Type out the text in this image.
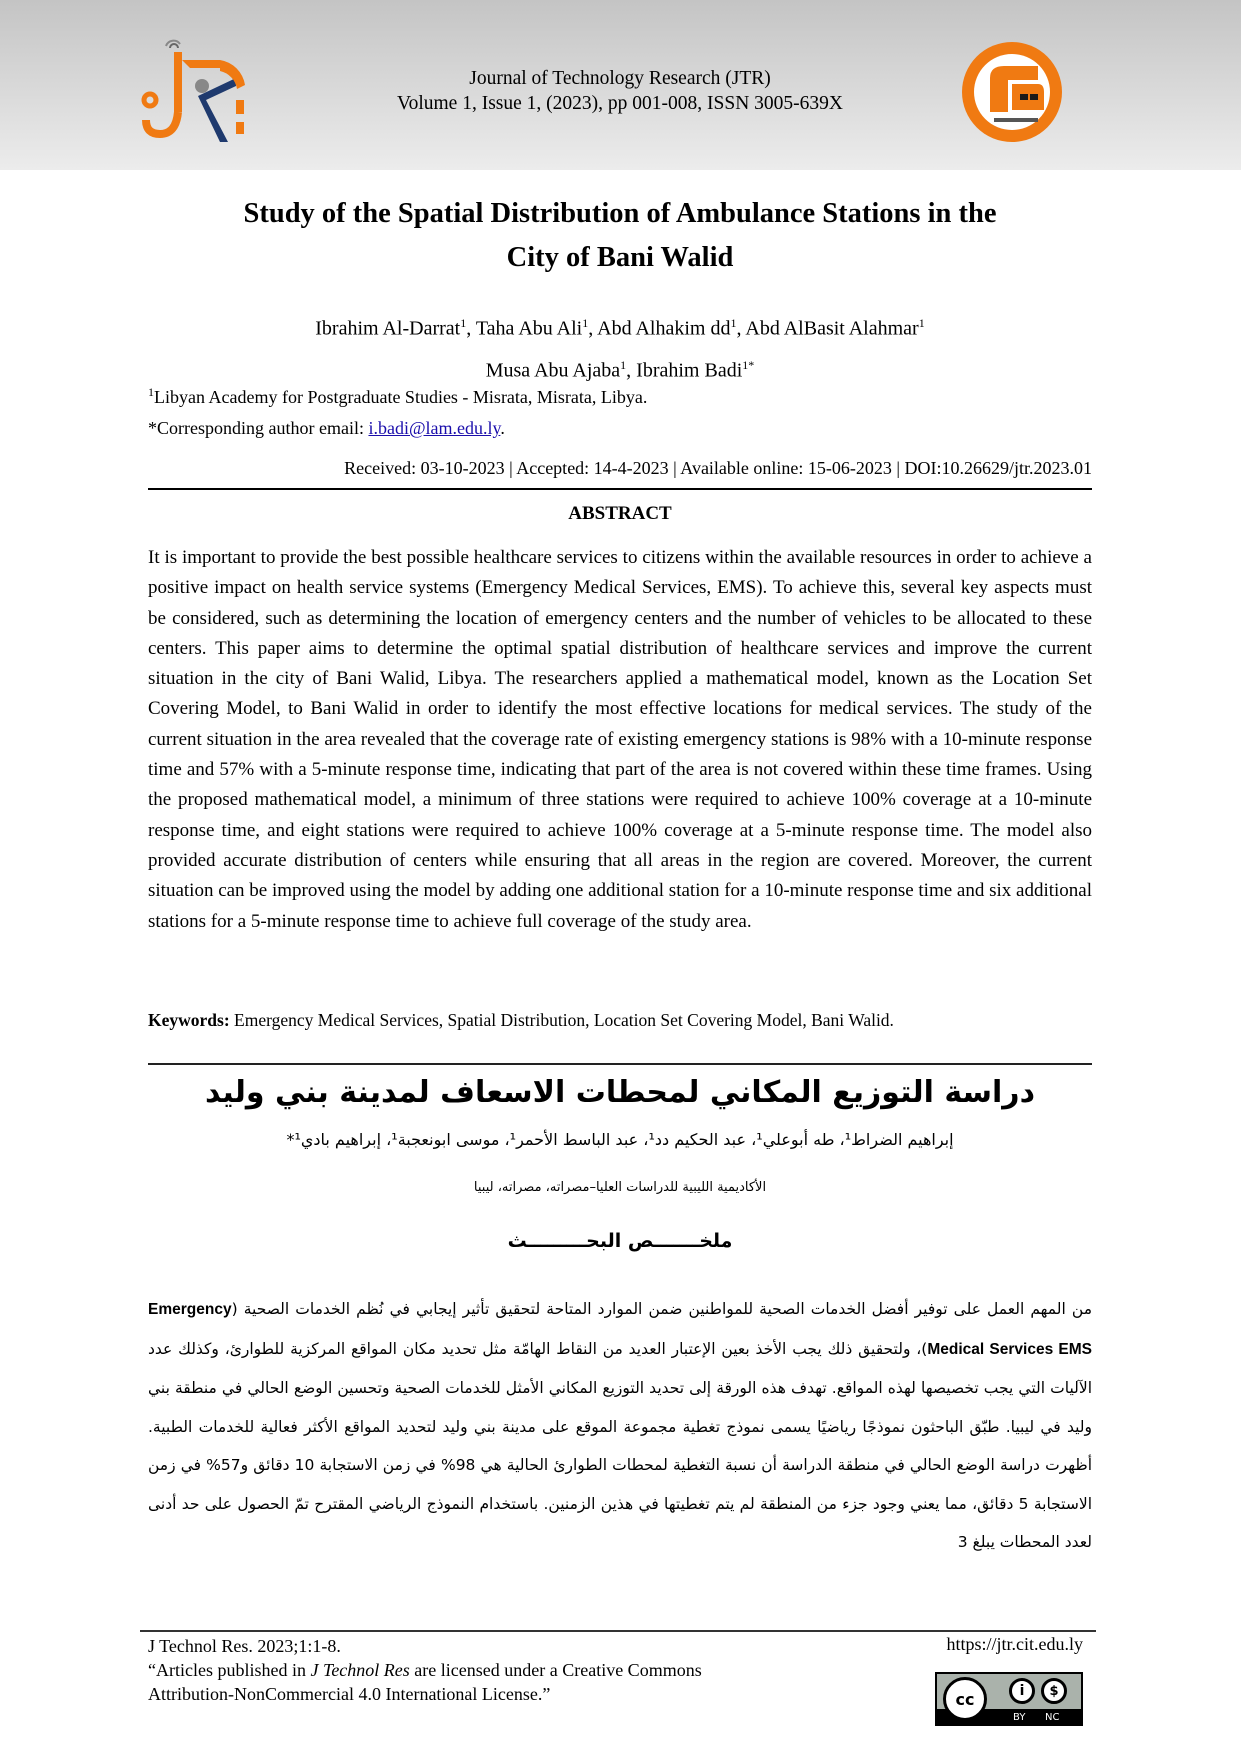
Journal of Technology Research (JTR)
Volume 1, Issue 1, (2023), pp 001-008, ISSN 3005-639X
Study of the Spatial Distribution of Ambulance Stations in the
City of Bani Walid
Ibrahim Al-Darrat$^1$, Taha Abu Ali$^1$, Abd Alhakim $dd^1$, Abd AlBasit Alahmar$^1$
Musa Abu Ajaba$^1$, Ibrahim Badi$^{1*}$
$^1$Libyan Academy for Postgraduate Studies - Misrata, Misrata, Libya.
*Corresponding author email: i.badi@lam.edu.ly.
Received: 03-10-2023 | Accepted: 14-4-2023 | Available online: 15-06-2023 | DOI:10.26629/jtr.2023.01
ABSTRACT
It is important to provide the best possible healthcare services to citizens within the available resources in order to achieve a positive impact on health service systems (Emergency Medical Services, EMS). To achieve this, several key aspects must be considered, such as determining the location of emergency centers and the number of vehicles to be allocated to these centers. This paper aims to determine the optimal spatial distribution of healthcare services and improve the current situation in the city of Bani Walid, Libya. The researchers applied a mathematical model, known as the Location Set Covering Model, to Bani Walid in order to identify the most effective locations for medical services. The study of the current situation in the area revealed that the coverage rate of existing emergency stations is 98% with a 10-minute response time and 57% with a 5-minute response time, indicating that part of the area is not covered within these time frames. Using the proposed mathematical model, a minimum of three stations were required to achieve 100% coverage at a 10-minute response time, and eight stations were required to achieve 100% coverage at a 5-minute response time. The model also provided accurate distribution of centers while ensuring that all areas in the region are covered. Moreover, the current situation can be improved using the model by adding one additional station for a 10-minute response time and six additional stations for a 5-minute response time to achieve full coverage of the study area.
Keywords: Emergency Medical Services, Spatial Distribution, Location Set Covering Model, Bani Walid.
دراسة التوزيع المكاني لمحطات الاسعاف لمدينة بني وليد
إبراهيم الضراط¹، طه أبوعلي¹، عبد الحكيم دد¹، عبد الباسط الأحمر¹، موسى ابونعجبة¹، إبراهيم بادي¹*
الأكاديمية الليبية للدراسات العليا–مصراته، مصراته، ليبيا
ملخـــــــص البحـــــــــث
من المهم العمل على توفير أفضل الخدمات الصحية للمواطنين ضمن الموارد المتاحة لتحقيق تأثير إيجابي في نُظم الخدمات الصحية (Emergency Medical Services EMS)، ولتحقيق ذلك يجب الأخذ بعين الإعتبار العديد من النقاط الهامّة مثل تحديد مكان المواقع المركزية للطوارئ، وكذلك عدد الآليات التي يجب تخصيصها لهذه المواقع. تهدف هذه الورقة إلى تحديد التوزيع المكاني الأمثل للخدمات الصحية وتحسين الوضع الحالي في منطقة بني وليد في ليبيا. طبّق الباحثون نموذجًا رياضيًا يسمى نموذج تغطية مجموعة الموقع على مدينة بني وليد لتحديد المواقع الأكثر فعالية للخدمات الطبية. أظهرت دراسة الوضع الحالي في منطقة الدراسة أن نسبة التغطية لمحطات الطوارئ الحالية هي 98% في زمن الاستجابة 10 دقائق و57% في زمن الاستجابة 5 دقائق، مما يعني وجود جزء من المنطقة لم يتم تغطيتها في هذين الزمنين. باستخدام النموذج الرياضي المقترح تمّ الحصول على حد أدنى لعدد المحطات يبلغ 3
J Technol Res. 2023;1:1-8.
“Articles published in J Technol Res are licensed under a Creative Commons
Attribution-NonCommercial 4.0 International License.”
https://jtr.cit.edu.ly
cc	i	$
BY NC
